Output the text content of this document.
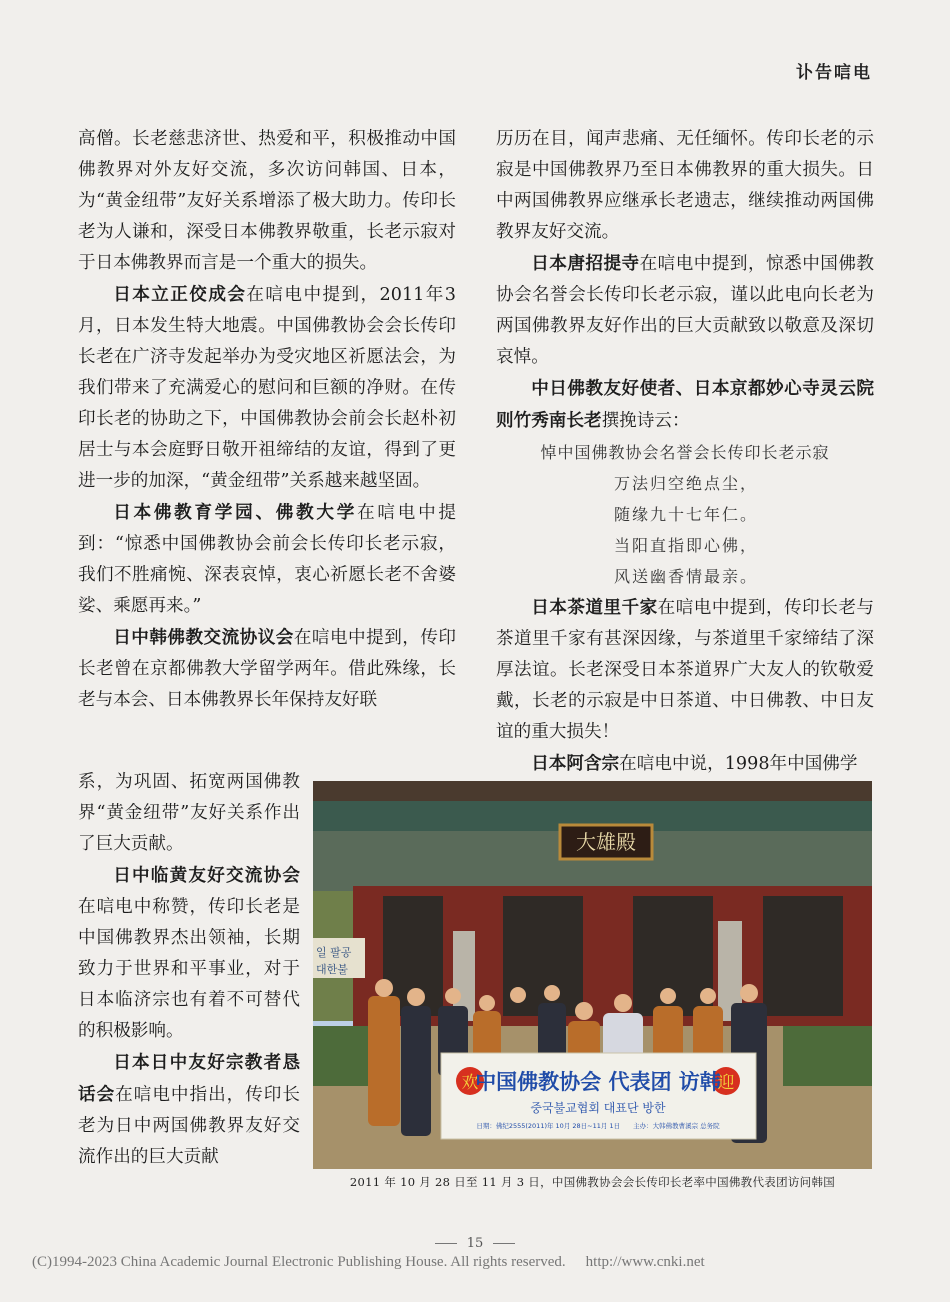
讣告唁电

高僧。长老慈悲济世、热爱和平，积极推动中国佛教界对外友好交流，多次访问韩国、日本，为“黄金纽带”友好关系增添了极大助力。传印长老为人谦和，深受日本佛教界敬重，长老示寂对于日本佛教界而言是一个重大的损失。

日本立正佼成会在唁电中提到，2011年3月，日本发生特大地震。中国佛教协会会长传印长老在广济寺发起举办为受灾地区祈愿法会，为我们带来了充满爱心的慰问和巨额的净财。在传印长老的协助之下，中国佛教协会前会长赵朴初居士与本会庭野日敬开祖缔结的友谊，得到了更进一步的加深，“黄金纽带”关系越来越坚固。

日本佛教育学园、佛教大学在唁电中提到：“惊悉中国佛教协会前会长传印长老示寂，我们不胜痛惋、深表哀悼，衷心祈愿长老不舍婆娑、乘愿再来。”

日中韩佛教交流协议会在唁电中提到，传印长老曾在京都佛教大学留学两年。借此殊缘，长老与本会、日本佛教界长年保持友好联

系，为巩固、拓宽两国佛教界“黄金纽带”友好关系作出了巨大贡献。

日中临黄友好交流协会在唁电中称赞，传印长老是中国佛教界杰出领袖，长期致力于世界和平事业，对于日本临济宗也有着不可替代的积极影响。

日本日中友好宗教者恳话会在唁电中指出，传印长老为日中两国佛教界友好交流作出的巨大贡献

历历在目，闻声悲痛、无任缅怀。传印长老的示寂是中国佛教界乃至日本佛教界的重大损失。日中两国佛教界应继承长老遗志，继续推动两国佛教界友好交流。

日本唐招提寺在唁电中提到，惊悉中国佛教协会名誉会长传印长老示寂，谨以此电向长老为两国佛教界友好作出的巨大贡献致以敬意及深切哀悼。

中日佛教友好使者、日本京都妙心寺灵云院则竹秀南长老撰挽诗云：

悼中国佛教协会名誉会长传印长老示寂

万法归空绝点尘，

随缘九十七年仁。

当阳直指即心佛，

风送幽香情最亲。

日本茶道里千家在唁电中提到，传印长老与茶道里千家有甚深因缘，与茶道里千家缔结了深厚法谊。长老深受日本茶道界广大友人的钦敬爱戴，长老的示寂是中日茶道、中日佛教、中日友谊的重大损失！

日本阿含宗在唁电中说，1998年中国佛学

大雄殿
일 팔공
대한불
欢	迎
中国佛教协会 代表团 访韩
중국불교협회 대표단 방한
日期：佛纪2555(2011)年 10月 28日~11月 1日　　主办：大韩佛教曹溪宗 总务院
2011 年 10 月 28 日至 11 月 3 日，中国佛教协会会长传印长老率中国佛教代表团访问韩国
15
(C)1994-2023 China Academic Journal Electronic Publishing House. All rights reserved. http://www.cnki.net
